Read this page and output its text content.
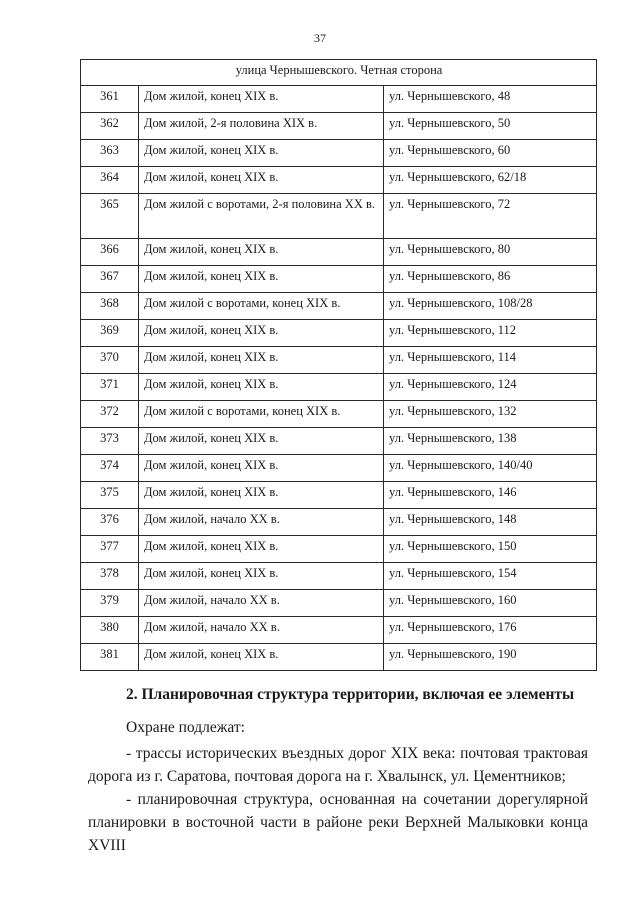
37
улица Чернышевского. Четная сторона		
361	Дом жилой, конец XIX в.	ул. Чернышевского, 48
362	Дом жилой, 2-я половина XIX в.	ул. Чернышевского, 50
363	Дом жилой, конец XIX в.	ул. Чернышевского, 60
364	Дом жилой, конец XIX в.	ул. Чернышевского, 62/18
365	Дом жилой с воротами, 2-я половина XX в.	ул. Чернышевского, 72
366	Дом жилой, конец XIX в.	ул. Чернышевского, 80
367	Дом жилой, конец XIX в.	ул. Чернышевского, 86
368	Дом жилой с воротами, конец XIX в.	ул. Чернышевского, 108/28
369	Дом жилой, конец XIX в.	ул. Чернышевского, 112
370	Дом жилой, конец XIX в.	ул. Чернышевского, 114
371	Дом жилой, конец XIX в.	ул. Чернышевского, 124
372	Дом жилой с воротами, конец XIX в.	ул. Чернышевского, 132
373	Дом жилой, конец XIX в.	ул. Чернышевского, 138
374	Дом жилой, конец XIX в.	ул. Чернышевского, 140/40
375	Дом жилой, конец XIX в.	ул. Чернышевского, 146
376	Дом жилой, начало XX в.	ул. Чернышевского, 148
377	Дом жилой, конец XIX в.	ул. Чернышевского, 150
378	Дом жилой, конец XIX в.	ул. Чернышевского, 154
379	Дом жилой, начало XX в.	ул. Чернышевского, 160
380	Дом жилой, начало XX в.	ул. Чернышевского, 176
381	Дом жилой, конец XIX в.	ул. Чернышевского, 190
2. Планировочная структура территории, включая ее элементы
Охране подлежат:
- трассы исторических въездных дорог XIX века: почтовая трактовая
дорога из г. Саратова, почтовая дорога на г. Хвалынск, ул. Цементников;
- планировочная структура, основанная на сочетании дорегулярной
планировки в восточной части в районе реки Верхней Малыковки конца XVIII
